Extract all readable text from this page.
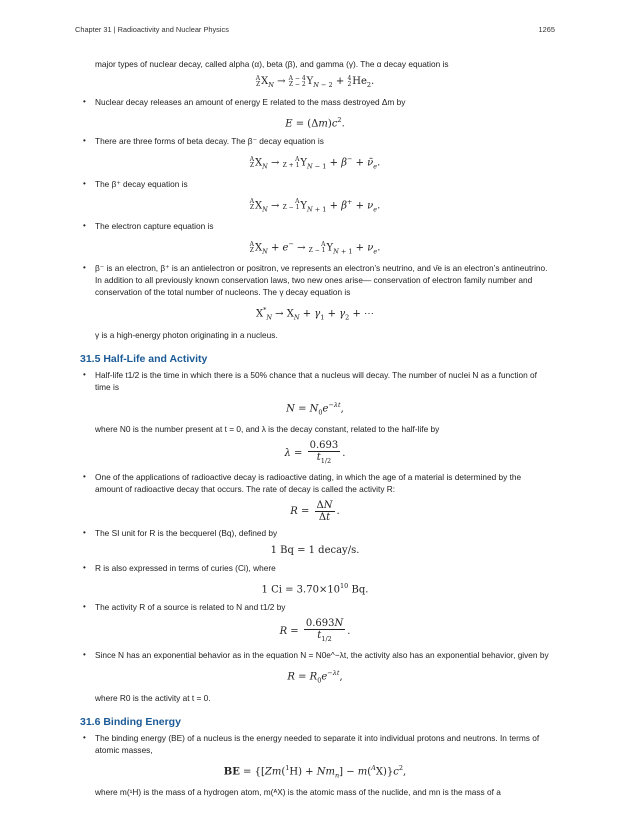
Chapter 31 | Radioactivity and Nuclear Physics	1265

major types of nuclear decay, called alpha (α), beta (β), and gamma (γ). The α decay equation is

A
Z $X_N \to A - 4$
Z − 2 $Y_{N - 2} + 4$
2 $He_2$.
• Nuclear decay releases an amount of energy E related to the mass destroyed Δm by
$E = (\Delta m)c^2$.
• There are three forms of beta decay. The β⁻ decay equation is
A
Z $X_N$ →	A
Z + 1 $Y_{N - 1} + \beta^-$ + $\nū_e$.
• The β⁺ decay equation is
A
Z $X_N$ →	A
Z − 1 $Y_{N + 1} + \beta^+ + \nu_e$.
• The electron capture equation is
A
Z $X_N + e^-$ →	A
Z − 1 $Y_{N + 1} + \nu_e$.
• β⁻ is an electron, β⁺ is an antielectron or positron, νe represents an electron’s neutrino, and ν̄e is an electron’s antineutrino. In addition to all previously known conservation laws, two new ones arise— conservation of electron family number and conservation of the total number of nucleons. The γ decay equation is
$X^*_N \to X_N + \gamma_1 + \gamma_2$ + ⋯

γ is a high-energy photon originating in a nucleus.

31.5 Half-Life and Activity
• Half-life t1/2 is the time in which there is a 50% chance that a nucleus will decay. The number of nuclei N as a function of time is
$N = N_0e^{-\lambda t}$,

where N0 is the number present at t = 0, and λ is the decay constant, related to the half-life by

$\lambda = \frac{0.693}{t_{1/2}}$ .
• One of the applications of radioactive decay is radioactive dating, in which the age of a material is determined by the amount of radioactive decay that occurs. The rate of decay is called the activity R:
$R = \frac{\Delta N}{\Delta t}$ .
• The SI unit for R is the becquerel (Bq), defined by
1 Bq = 1 decay/s.
• R is also expressed in terms of curies (Ci), where
1 $Ci = 3.70\times 10^{10}$ Bq.
• The activity R of a source is related to N and t1/2 by
$R = \frac{0.693N}{t_{1/2}}$ .
• Since N has an exponential behavior as in the equation N = N0e^−λt, the activity also has an exponential behavior, given by
$R = R_0e^{-\lambda t}$,

where R0 is the activity at t = 0.

31.6 Binding Energy
• The binding energy (BE) of a nucleus is the energy needed to separate it into individual protons and neutrons. In terms of atomic masses,
BE = $\{[Zm(^1H) + Nm_n] - m(^AX)\}c^2$,

where m(¹H) is the mass of a hydrogen atom, m(ᴬX) is the atomic mass of the nuclide, and mn is the mass of a
